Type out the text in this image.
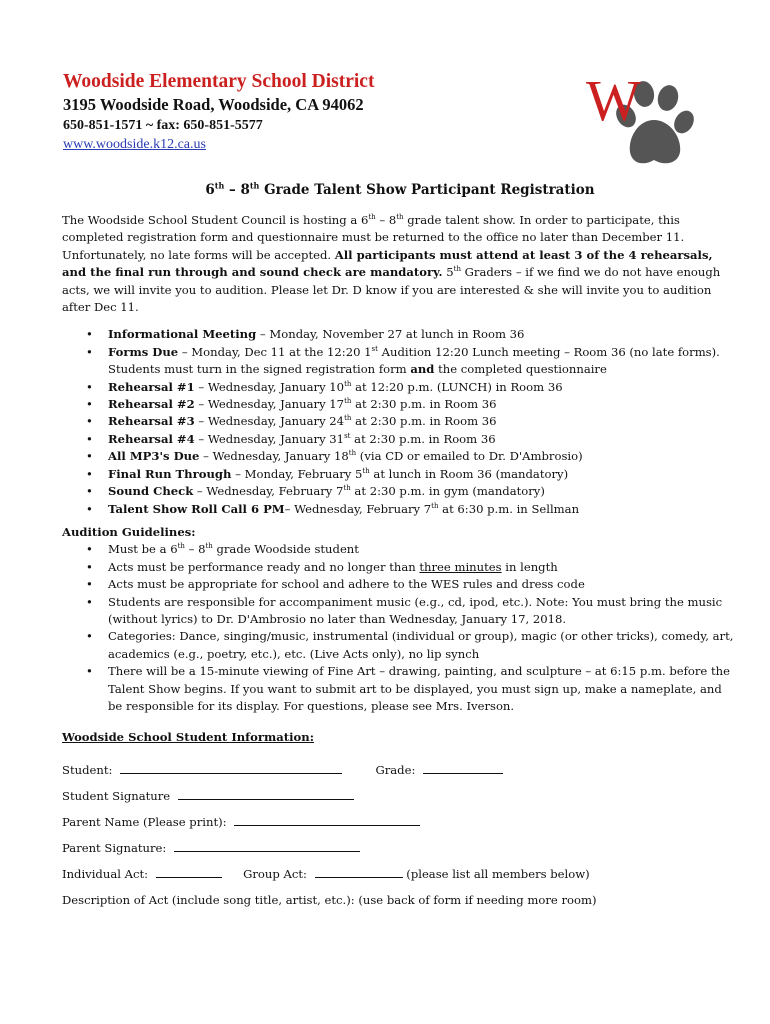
Woodside Elementary School District
3195 Woodside Road, Woodside, CA 94062
650-851-1571 ~ fax: 650-851-5577
www.woodside.k12.ca.us
W
6th – 8th Grade Talent Show Participant Registration

The Woodside School Student Council is hosting a 6th – 8th grade talent show. In order to participate, this completed registration form and questionnaire must be returned to the office no later than December 11. Unfortunately, no late forms will be accepted. All participants must attend at least 3 of the 4 rehearsals, and the final run through and sound check are mandatory. 5th Graders – if we find we do not have enough acts, we will invite you to audition. Please let Dr. D know if you are interested & she will invite you to audition after Dec 11.

• Informational Meeting – Monday, November 27 at lunch in Room 36
• Forms Due – Monday, Dec 11 at the 12:20 1st Audition 12:20 Lunch meeting – Room 36 (no late forms). Students must turn in the signed registration form and the completed questionnaire
• Rehearsal #1 – Wednesday, January 10th at 12:20 p.m. (LUNCH) in Room 36
• Rehearsal #2 – Wednesday, January 17th at 2:30 p.m. in Room 36
• Rehearsal #3 – Wednesday, January 24th at 2:30 p.m. in Room 36
• Rehearsal #4 – Wednesday, January 31st at 2:30 p.m. in Room 36
• All MP3's Due – Wednesday, January 18th (via CD or emailed to Dr. D'Ambrosio)
• Final Run Through – Monday, February 5th at lunch in Room 36 (mandatory)
• Sound Check – Wednesday, February 7th at 2:30 p.m. in gym (mandatory)
• Talent Show Roll Call 6 PM– Wednesday, February 7th at 6:30 p.m. in Sellman
Audition Guidelines:
• Must be a 6th – 8th grade Woodside student
• Acts must be performance ready and no longer than three minutes in length
• Acts must be appropriate for school and adhere to the WES rules and dress code
• Students are responsible for accompaniment music (e.g., cd, ipod, etc.). Note: You must bring the music (without lyrics) to Dr. D'Ambrosio no later than Wednesday, January 17, 2018.
• Categories: Dance, singing/music, instrumental (individual or group), magic (or other tricks), comedy, art, academics (e.g., poetry, etc.), etc. (Live Acts only), no lip synch
• There will be a 15-minute viewing of Fine Art – drawing, painting, and sculpture – at 6:15 p.m. before the Talent Show begins. If you want to submit art to be displayed, you must sign up, make a nameplate, and be responsible for its display. For questions, please see Mrs. Iverson.
Woodside School Student Information:
Student:	Grade:
Student Signature
Parent Name (Please print):
Parent Signature:
Individual Act:	Group Act:	(please list all members below)
Description of Act (include song title, artist, etc.): (use back of form if needing more room)
